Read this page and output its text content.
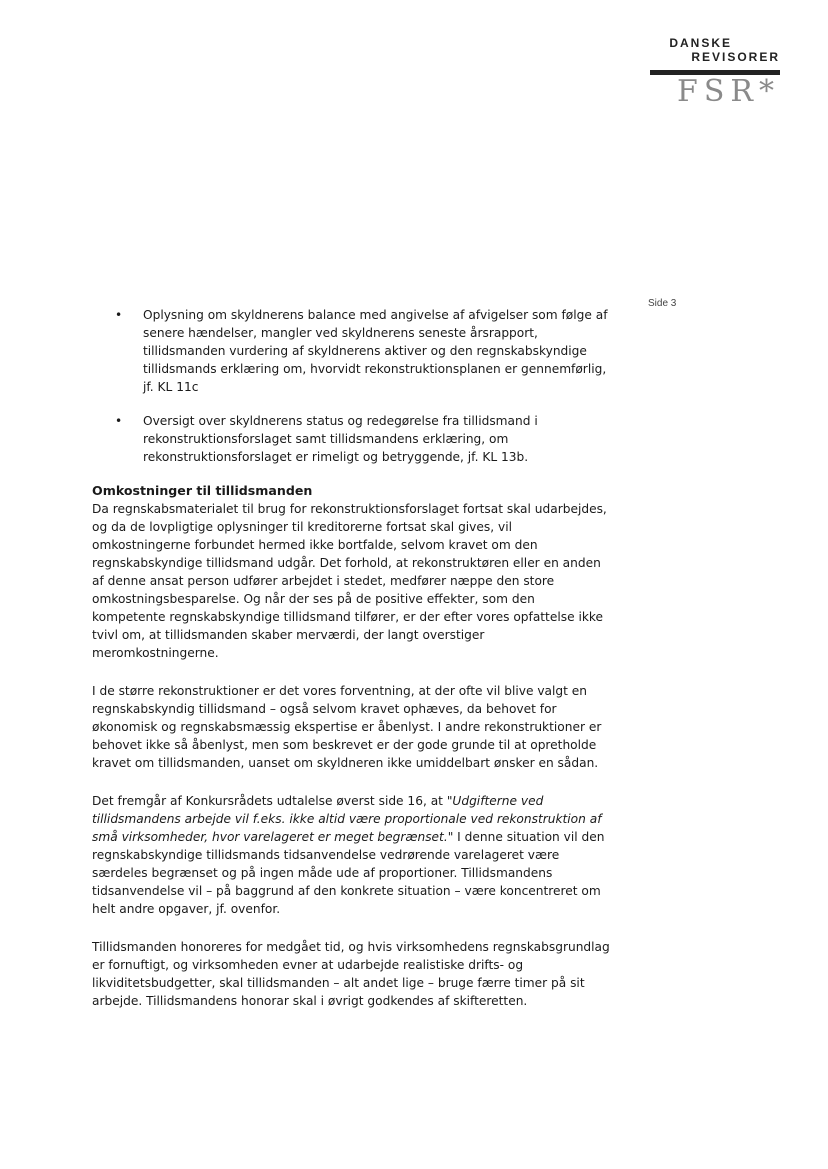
DANSKE
REVISORER
FSR*
Side 3
• Oplysning om skyldnerens balance med angivelse af afvigelser som følge af senere hændelser, mangler ved skyldnerens seneste årsrapport, tillidsmanden vurdering af skyldnerens aktiver og den regnskabskyndige tillidsmands erklæring om, hvorvidt rekonstruktionsplanen er gennemførlig, jf. KL 11c
• Oversigt over skyldnerens status og redegørelse fra tillidsmand i rekonstruktionsforslaget samt tillidsmandens erklæring, om rekonstruktionsforslaget er rimeligt og betryggende, jf. KL 13b.
Omkostninger til tillidsmanden

Da regnskabsmaterialet til brug for rekonstruktionsforslaget fortsat skal udarbejdes, og da de lovpligtige oplysninger til kreditorerne fortsat skal gives, vil omkostningerne forbundet hermed ikke bortfalde, selvom kravet om den regnskabskyndige tillidsmand udgår. Det forhold, at rekonstruktøren eller en anden af denne ansat person udfører arbejdet i stedet, medfører næppe den store omkostningsbesparelse. Og når der ses på de positive effekter, som den kompetente regnskabskyndige tillidsmand tilfører, er der efter vores opfattelse ikke tvivl om, at tillidsmanden skaber merværdi, der langt overstiger meromkostningerne.

I de større rekonstruktioner er det vores forventning, at der ofte vil blive valgt en regnskabskyndig tillidsmand – også selvom kravet ophæves, da behovet for økonomisk og regnskabsmæssig ekspertise er åbenlyst. I andre rekonstruktioner er behovet ikke så åbenlyst, men som beskrevet er der gode grunde til at opretholde kravet om tillidsmanden, uanset om skyldneren ikke umiddelbart ønsker en sådan.

Det fremgår af Konkursrådets udtalelse øverst side 16, at "Udgifterne ved tillidsmandens arbejde vil f.eks. ikke altid være proportionale ved rekonstruktion af små virksomheder, hvor varelageret er meget begrænset." I denne situation vil den regnskabskyndige tillidsmands tidsanvendelse vedrørende varelageret være særdeles begrænset og på ingen måde ude af proportioner. Tillidsmandens tidsanvendelse vil – på baggrund af den konkrete situation – være koncentreret om helt andre opgaver, jf. ovenfor.

Tillidsmanden honoreres for medgået tid, og hvis virksomhedens regnskabsgrundlag er fornuftigt, og virksomheden evner at udarbejde realistiske drifts- og likviditetsbudgetter, skal tillidsmanden – alt andet lige – bruge færre timer på sit arbejde. Tillidsmandens honorar skal i øvrigt godkendes af skifteretten.
